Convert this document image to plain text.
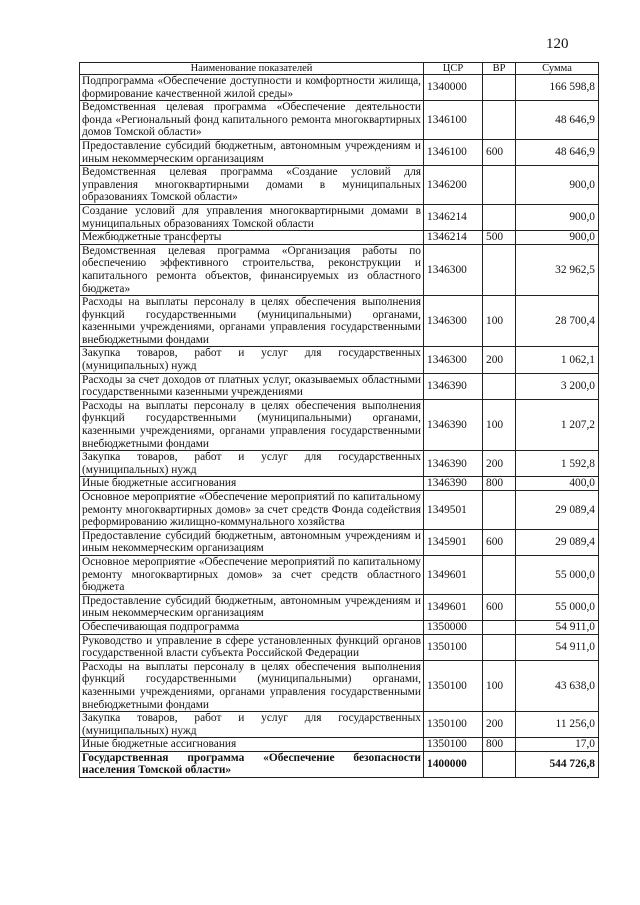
120
Наименование показателей	ЦСР	ВР	Сумма
Подпрограмма «Обеспечение доступности и комфортности жилища, формирование качественной жилой среды»	1340000		166 598,8
Ведомственная целевая программа «Обеспечение деятельности фонда «Региональный фонд капитального ремонта многоквартирных домов Томской области»	1346100		48 646,9
Предоставление субсидий бюджетным, автономным учреждениям и иным некоммерческим организациям	1346100	600	48 646,9
Ведомственная целевая программа «Создание условий для управления многоквартирными домами в муниципальных образованиях Томской области»	1346200		900,0
Создание условий для управления многоквартирными домами в муниципальных образованиях Томской области	1346214		900,0
Межбюджетные трансферты	1346214	500	900,0
Ведомственная целевая программа «Организация работы по обеспечению эффективного строительства, реконструкции и капитального ремонта объектов, финансируемых из областного бюджета»	1346300		32 962,5
Расходы на выплаты персоналу в целях обеспечения выполнения функций государственными (муниципальными) органами, казенными учреждениями, органами управления государственными внебюджетными фондами	1346300	100	28 700,4
Закупка товаров, работ и услуг для государственных (муниципальных) нужд	1346300	200	1 062,1
Расходы за счет доходов от платных услуг, оказываемых областными государственными казенными учреждениями	1346390		3 200,0
Расходы на выплаты персоналу в целях обеспечения выполнения функций государственными (муниципальными) органами, казенными учреждениями, органами управления государственными внебюджетными фондами	1346390	100	1 207,2
Закупка товаров, работ и услуг для государственных (муниципальных) нужд	1346390	200	1 592,8
Иные бюджетные ассигнования	1346390	800	400,0
Основное мероприятие «Обеспечение мероприятий по капитальному ремонту многоквартирных домов» за счет средств Фонда содействия реформированию жилищно-коммунального хозяйства	1349501		29 089,4
Предоставление субсидий бюджетным, автономным учреждениям и иным некоммерческим организациям	1345901	600	29 089,4
Основное мероприятие «Обеспечение мероприятий по капитальному ремонту многоквартирных домов» за счет средств областного бюджета	1349601		55 000,0
Предоставление субсидий бюджетным, автономным учреждениям и иным некоммерческим организациям	1349601	600	55 000,0
Обеспечивающая подпрограмма	1350000		54 911,0
Руководство и управление в сфере установленных функций органов государственной власти субъекта Российской Федерации	1350100		54 911,0
Расходы на выплаты персоналу в целях обеспечения выполнения функций государственными (муниципальными) органами, казенными учреждениями, органами управления государственными внебюджетными фондами	1350100	100	43 638,0
Закупка товаров, работ и услуг для государственных (муниципальных) нужд	1350100	200	11 256,0
Иные бюджетные ассигнования	1350100	800	17,0
Государственная программа «Обеспечение безопасности населения Томской области»	1400000		544 726,8
